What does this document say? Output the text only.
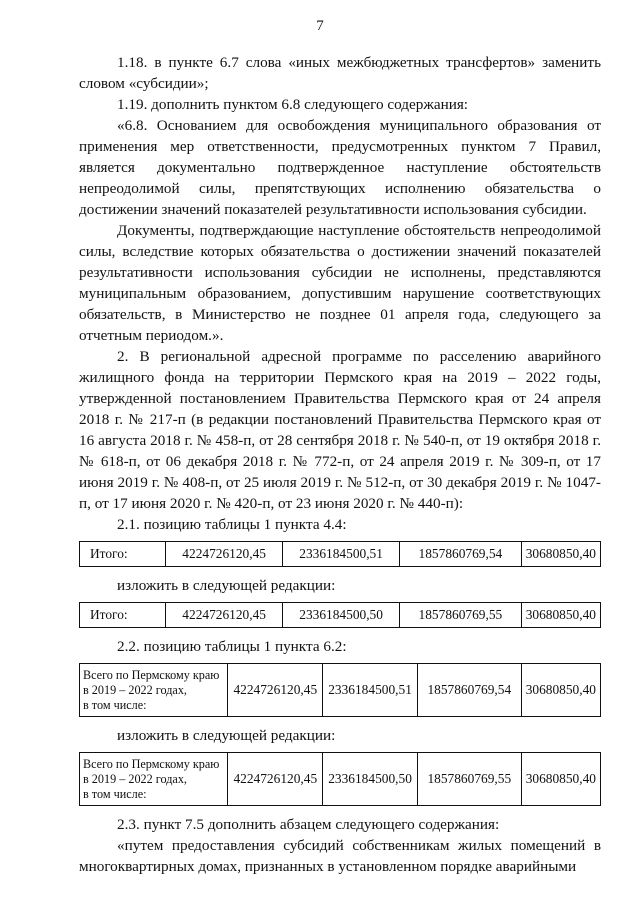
7

1.18. в пункте 6.7 слова «иных межбюджетных трансфертов» заменить словом «субсидии»;

1.19. дополнить пунктом 6.8 следующего содержания:

«6.8. Основанием для освобождения муниципального образования от применения мер ответственности, предусмотренных пунктом 7 Правил, является документально подтвержденное наступление обстоятельств непреодолимой силы, препятствующих исполнению обязательства о достижении значений показателей результативности использования субсидии.

Документы, подтверждающие наступление обстоятельств непреодолимой силы, вследствие которых обязательства о достижении значений показателей результативности использования субсидии не исполнены, представляются муниципальным образованием, допустившим нарушение соответствующих обязательств, в Министерство не позднее 01 апреля года, следующего за отчетным периодом.».

2. В региональной адресной программе по расселению аварийного жилищного фонда на территории Пермского края на 2019 – 2022 годы, утвержденной постановлением Правительства Пермского края от 24 апреля 2018 г. № 217-п (в редакции постановлений Правительства Пермского края от 16 августа 2018 г. № 458-п, от 28 сентября 2018 г. № 540-п, от 19 октября 2018 г. № 618-п, от 06 декабря 2018 г. № 772-п, от 24 апреля 2019 г. № 309-п, от 17 июня 2019 г. № 408-п, от 25 июля 2019 г. № 512-п, от 30 декабря 2019 г. № 1047-п, от 17 июня 2020 г. № 420-п, от 23 июня 2020 г. № 440-п):

2.1. позицию таблицы 1 пункта 4.4:

Итого:	4224726120,45	2336184500,51	1857860769,54	30680850,40

изложить в следующей редакции:

Итого:	4224726120,45	2336184500,50	1857860769,55	30680850,40

2.2. позицию таблицы 1 пункта 6.2:

Всего по Пермскому краю
в 2019 – 2022 годах,
в том числе:
	4224726120,45	2336184500,51	1857860769,54	30680850,40

изложить в следующей редакции:

Всего по Пермскому краю
в 2019 – 2022 годах,
в том числе:
	4224726120,45	2336184500,50	1857860769,55	30680850,40

2.3. пункт 7.5 дополнить абзацем следующего содержания:

«путем предоставления субсидий собственникам жилых помещений в многоквартирных домах, признанных в установленном порядке аварийными
